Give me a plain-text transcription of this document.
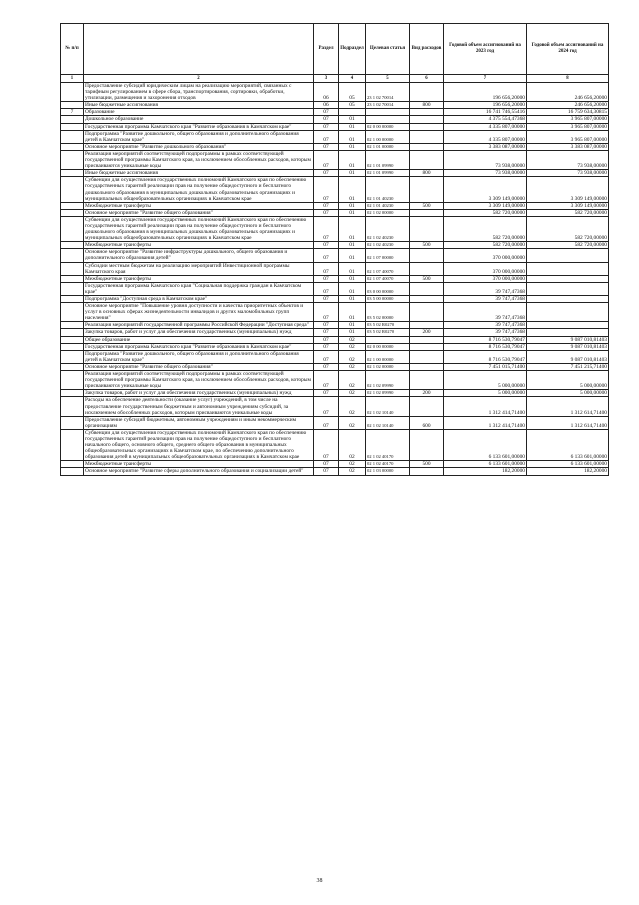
№ п/п		Раздел	Подраздел	Целевая статья	Вид расходов	Годовой объем ассигнований на 2023 год	Годовой объем ассигнований на 2024 год
1	2	3	4	5	6	7	8
	Предоставление субсидий юридическим лицам на реализацию мероприятий, связанных с тарифным регулированием в сфере сбора, транспортирования, сортировки, обработки, утилизации, размещения и захоронения отходов	06	05	23 1 02 70014		196 656,20000	246 656,20000
	Иные бюджетные ассигнования	06	05	23 1 02 70014	800	196 656,20000	246 656,20000
7	Образование	07				16 741 746,55416	16 759 634,30815
	Дошкольное образование	07	01			4 375 554,47368	3 965 807,00000
	Государственная программа Камчатского края "Развитие образования в Камчатском крае"	07	01	02 0 00 00000		4 335 807,00000	3 965 807,00000
	Подпрограмма "Развитие дошкольного, общего образования и дополнительного образования детей в Камчатском крае"	07	01	02 1 00 00000		4 335 807,00000	3 965 807,00000
	Основное мероприятие "Развитие дошкольного образования"	07	01	02 1 01 00000		3 383 087,00000	3 383 087,00000
	Реализация мероприятий соответствующей подпрограммы в рамках соответствующей государственной программы Камчатского края, за исключением обособленных расходов, которым присваиваются уникальные коды	07	01	02 1 01 09990		73 938,00000	73 938,00000
	Иные бюджетные ассигнования	07	01	02 1 01 09990	800	73 938,00000	73 938,00000
	Субвенции для осуществления государственных полномочий Камчатского края по обеспечению государственных гарантий реализации прав на получение общедоступного и бесплатного дошкольного образования в муниципальных дошкольных образовательных организациях и муниципальных общеобразовательных организациях в Камчатском крае	07	01	02 1 01 40230		3 309 149,00000	3 309 149,00000
	Межбюджетные трансферты	07	01	02 1 01 40230	500	3 309 149,00000	3 309 149,00000
	Основное мероприятие "Развитие общего образования"	07	01	02 1 02 00000		582 720,00000	582 720,00000
	Субвенции для осуществления государственных полномочий Камчатского края по обеспечению государственных гарантий реализации прав на получение общедоступного и бесплатного дошкольного образования в муниципальных дошкольных образовательных организациях и муниципальных общеобразовательных организациях в Камчатском крае	07	01	02 1 02 40230		582 720,00000	582 720,00000
	Межбюджетные трансферты	07	01	02 1 02 40230	500	582 720,00000	582 720,00000
	Основное мероприятие "Развитие инфраструктуры дошкольного, общего образования и дополнительного образования детей"	07	01	02 1 07 00000		370 000,00000	
	Субсидии местным бюджетам на реализацию мероприятий Инвестиционной программы Камчатского края	07	01	02 1 07 40070		370 000,00000	
	Межбюджетные трансферты	07	01	02 1 07 40070	500	370 000,00000	
	Государственная программа Камчатского края "Социальная поддержка граждан в Камчатском крае"	07	01	03 0 00 00000		39 747,47368	
	Подпрограмма "Доступная среда в Камчатском крае"	07	01	03 5 00 00000		39 747,47368	
	Основное мероприятие "Повышение уровня доступности и качества приоритетных объектов и услуг в основных сферах жизнедеятельности инвалидов и других маломобильных групп населения"	07	01	03 5 02 00000		39 747,47368	
	Реализация мероприятий государственной программы Российской Федерации "Доступная среда"	07	01	03 5 02 R0270		39 747,47368	
	Закупка товаров, работ и услуг для обеспечения государственных (муниципальных) нужд	07	01	03 5 02 R0270	200	39 747,47368	
	Общее образование	07	02			8 716 530,79047	9 087 010,81403
	Государственная программа Камчатского края "Развитие образования в Камчатском крае"	07	02	02 0 00 00000		8 716 530,79047	9 087 010,81403
	Подпрограмма "Развитие дошкольного, общего образования и дополнительного образования детей в Камчатском крае"	07	02	02 1 00 00000		8 716 530,79047	9 087 010,81403
	Основное мероприятие "Развитие общего образования"	07	02	02 1 02 00000		7 451 015,71400	7 451 215,71400
	Реализация мероприятий соответствующей подпрограммы в рамках соответствующей государственной программы Камчатского края, за исключением обособленных расходов, которым присваиваются уникальные коды	07	02	02 1 02 09990		5 000,00000	5 000,00000
	Закупка товаров, работ и услуг для обеспечения государственных (муниципальных) нужд	07	02	02 1 02 09990	200	5 000,00000	5 000,00000
	Расходы на обеспечение деятельности (оказание услуг) учреждений, в том числе на предоставление государственным бюджетным и автономным учреждениям субсидий, за исключением обособленных расходов, которым присваиваются уникальные коды	07	02	02 1 02 10140		1 312 414,71400	1 312 614,71400
	Предоставление субсидий бюджетным, автономным учреждениям и иным некоммерческим организациям	07	02	02 1 02 10140	600	1 312 414,71400	1 312 614,71400
	Субвенции для осуществления государственных полномочий Камчатского края по обеспечению государственных гарантий реализации прав на получение общедоступного и бесплатного начального общего, основного общего, среднего общего образования в муниципальных общеобразовательных организациях в Камчатском крае, по обеспечению дополнительного образования детей в муниципальных общеобразовательных организациях в Камчатском крае	07	02	02 1 02 40170		6 133 601,00000	6 133 601,00000
	Межбюджетные трансферты	07	02	02 1 02 40170	500	6 133 601,00000	6 133 601,00000
	Основное мероприятие "Развитие сферы дополнительного образования и социализации детей"	07	02	02 1 03 00000		182,20000	182,20000
38
